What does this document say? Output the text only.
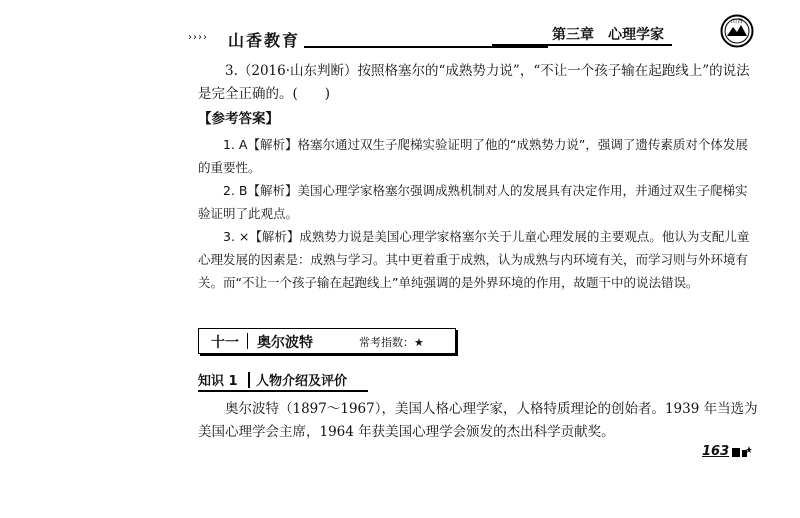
›››› 山香教育	第三章　心理学家
山香

3.（2016·山东判断）按照格塞尔的“成熟势力说”，“不让一个孩子输在起跑线上”的说法是完全正确的。(　　)

【参考答案】

1. A【解析】格塞尔通过双生子爬梯实验证明了他的“成熟势力说”，强调了遗传素质对个体发展的重要性。

2. B【解析】美国心理学家格塞尔强调成熟机制对人的发展具有决定作用，并通过双生子爬梯实验证明了此观点。

3. ×【解析】成熟势力说是美国心理学家格塞尔关于儿童心理发展的主要观点。他认为支配儿童心理发展的因素是：成熟与学习。其中更着重于成熟，认为成熟与内环境有关，而学习则与外环境有关。而“不让一个孩子输在起跑线上”单纯强调的是外界环境的作用，故题干中的说法错误。

十一 奥尔波特	常考指数：★
知识 1 人物介绍及评价

奥尔波特（1897～1967），美国人格心理学家，人格特质理论的创始者。1939 年当选为美国心理学会主席，1964 年获美国心理学会颁发的杰出科学贡献奖。

163
